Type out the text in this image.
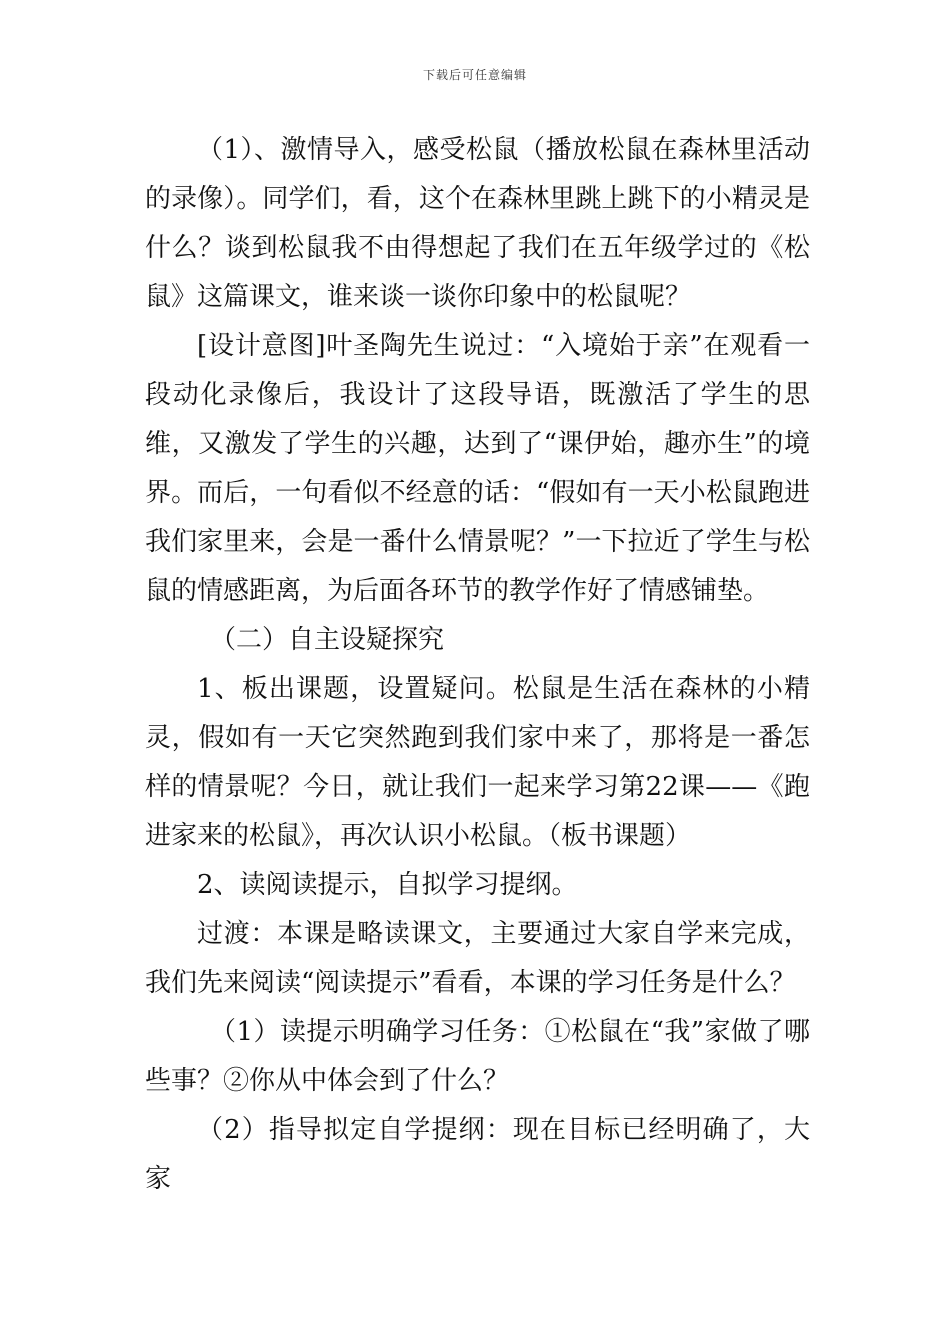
下载后可任意编辑

（1）、激情导入，感受松鼠（播放松鼠在森林里活动的录像）。同学们，看，这个在森林里跳上跳下的小精灵是什么？谈到松鼠我不由得想起了我们在五年级学过的《松鼠》这篇课文，谁来谈一谈你印象中的松鼠呢？

[设计意图]叶圣陶先生说过：“入境始于亲”在观看一段动化录像后，我设计了这段导语，既激活了学生的思维，又激发了学生的兴趣，达到了“课伊始，趣亦生”的境界。而后，一句看似不经意的话：“假如有一天小松鼠跑进我们家里来，会是一番什么情景呢？”一下拉近了学生与松鼠的情感距离，为后面各环节的教学作好了情感铺垫。

（二）自主设疑探究

1、板出课题，设置疑问。松鼠是生活在森林的小精灵，假如有一天它突然跑到我们家中来了，那将是一番怎样的情景呢？今日，就让我们一起来学习第22课——《跑进家来的松鼠》，再次认识小松鼠。（板书课题）

2、读阅读提示，自拟学习提纲。

过渡：本课是略读课文，主要通过大家自学来完成，我们先来阅读“阅读提示”看看，本课的学习任务是什么？

（1）读提示明确学习任务：①松鼠在“我”家做了哪些事？②你从中体会到了什么？

（2）指导拟定自学提纲：现在目标已经明确了，大家
